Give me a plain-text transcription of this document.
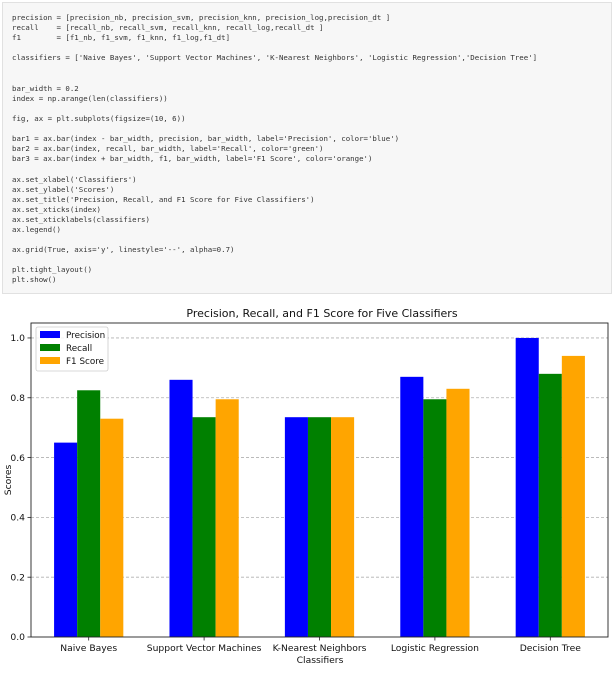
precision = [precision_nb, precision_svm, precision_knn, precision_log,precision_dt ]
recall    = [recall_nb, recall_svm, recall_knn, recall_log,recall_dt ]
f1        = [f1_nb, f1_svm, f1_knn, f1_log,f1_dt]
classifiers = ['Naive Bayes', 'Support Vector Machines', 'K-Nearest Neighbors', 'Logistic Regression','Decision Tree']
bar_width = 0.2
index = np.arange(len(classifiers))
fig, ax = plt.subplots(figsize=(10, 6))
bar1 = ax.bar(index - bar_width, precision, bar_width, label='Precision', color='blue')
bar2 = ax.bar(index, recall, bar_width, label='Recall', color='green')
bar3 = ax.bar(index + bar_width, f1, bar_width, label='F1 Score', color='orange')
ax.set_xlabel('Classifiers')
ax.set_ylabel('Scores')
ax.set_title('Precision, Recall, and F1 Score for Five Classifiers')
ax.set_xticks(index)
ax.set_xticklabels(classifiers)
ax.legend()
ax.grid(True, axis='y', linestyle='--', alpha=0.7)
plt.tight_layout()
plt.show()
Precision, Recall, and F1 Score for Five Classifiers
0.0
0.2
0.4
0.6
0.8
1.0
Naive Bayes	Support Vector Machines K-Nearest Neighbors	Logistic Regression	Decision Tree
Classifiers
Scores
Precision
Recall
F1 Score
